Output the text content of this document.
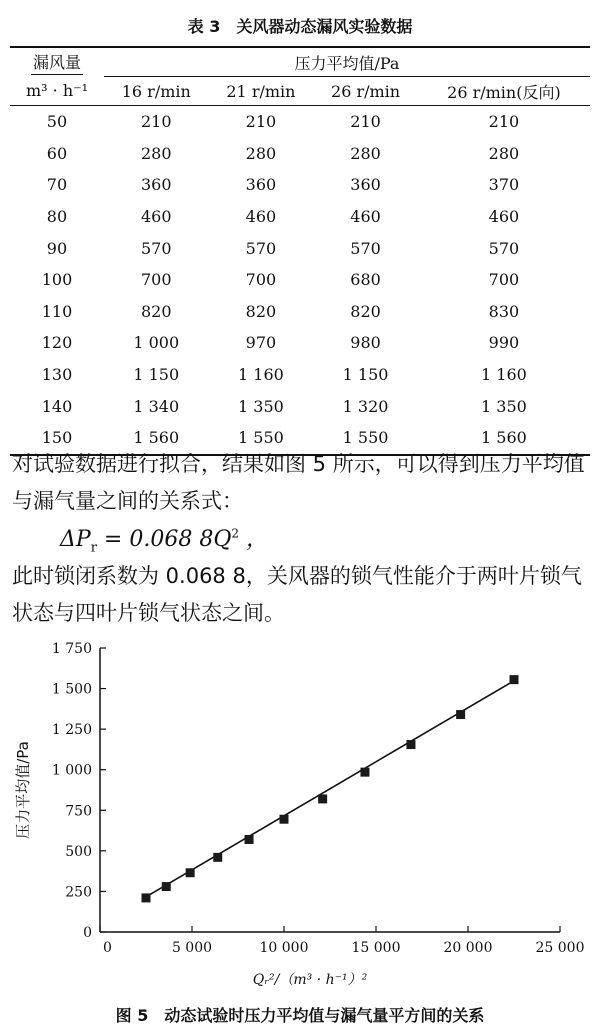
表 3　关风器动态漏风实验数据
漏风量	压力平均值/Pa			
m³ · h⁻¹	16 r/min	21 r/min	26 r/min	26 r/min(反向)
50	210	210	210	210
60	280	280	280	280
70	360	360	360	370
80	460	460	460	460
90	570	570	570	570
100	700	700	680	700
110	820	820	820	830
120	1 000	970	980	990
130	1 150	1 160	1 150	1 160
140	1 340	1 350	1 320	1 350
150	1 560	1 550	1 550	1 560
对试验数据进行拟合，结果如图 5 所示，可以得到压力平均值与漏气量之间的关系式：
$\Delta P_r = 0.068$ $8Q^2$ ，
此时锁闭系数为 0.068 8，关风器的锁气性能介于两叶片锁气状态与四叶片锁气状态之间。
0
250
500
750
1 000
1 250
1 500
1 750
0	5 000	10 000	15 000	20 000	25 000
压力平均值/Pa
Qᵣ²/（m³ · h⁻¹）²
图 5　动态试验时压力平均值与漏气量平方间的关系
